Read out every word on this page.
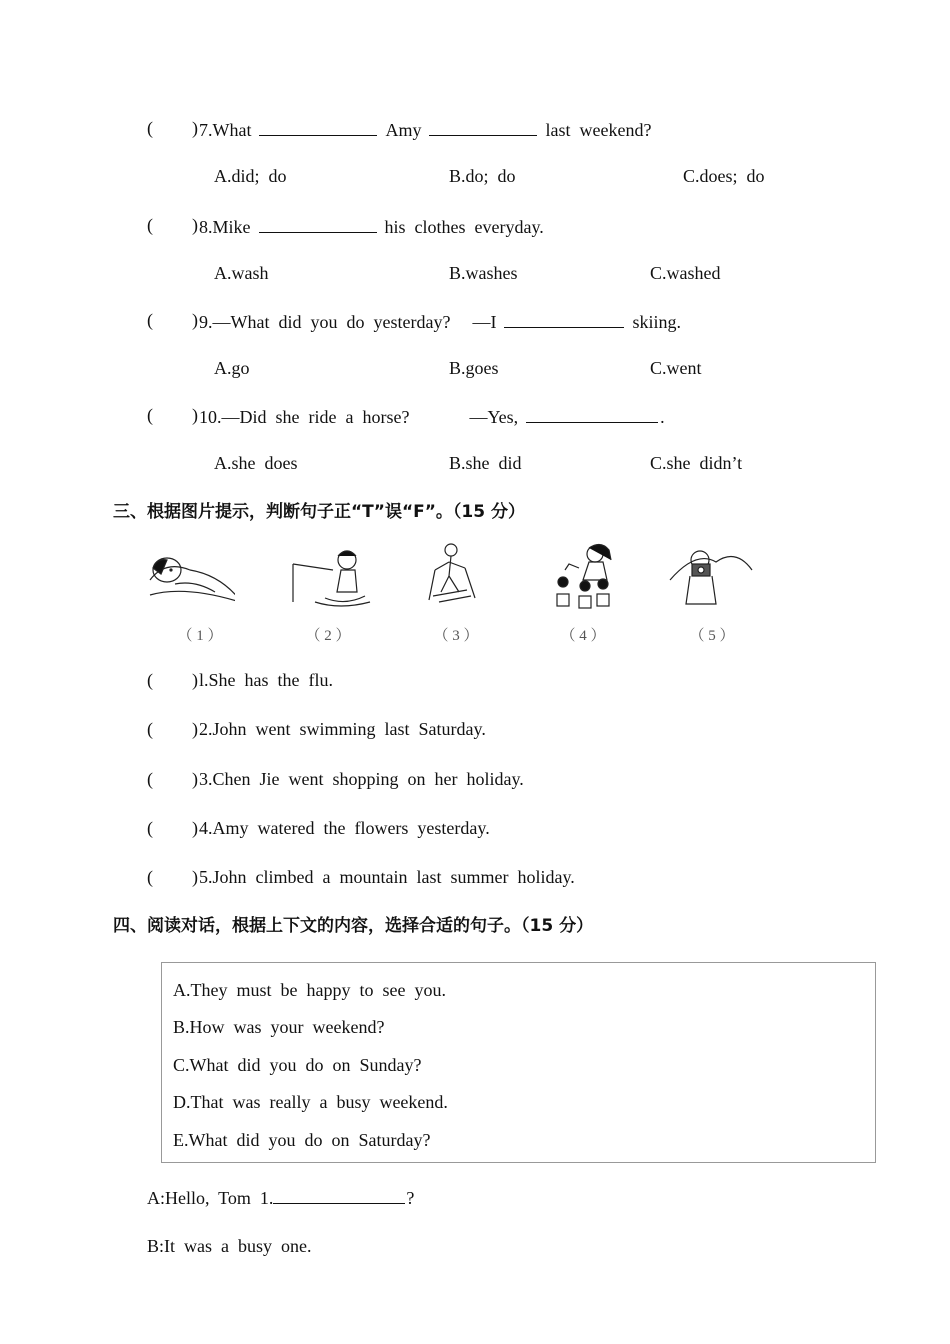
( ) 7.What	Amy	last  weekend?
A.did;  do	B.do;  do	C.does;  do
( ) 8.Mike	his  clothes  everyday.
A.wash	B.washes	C.washed
( ) 9.—What  did  you  do  yesterday? —I	skiing.
A.go	B.goes	C.went
( ) 10.—Did  she  ride  a  horse?	—Yes,	.
A.she  does	B.she  did	C.she  didn’t
三、根据图片提示，判断句子正“T”误“F”。（15 分）
（ 1 ）	（ 2 ）	（ 3 ）	（ 4 ）	（ 5 ）
( ) l.She  has  the  flu.
( ) 2.John  went  swimming  last  Saturday.
( ) 3.Chen  Jie  went  shopping  on  her  holiday.
( ) 4.Amy  watered  the  flowers  yesterday.
( ) 5.John  climbed  a  mountain  last  summer  holiday.
四、阅读对话，根据上下文的内容，选择合适的句子。（15 分）
A.They  must  be  happy  to  see  you.
B.How  was  your  weekend?
C.What  did  you  do  on  Sunday?
D.That  was  really  a  busy  weekend.
E.What  did  you  do  on  Saturday?
A:Hello,  Tom  1.	?
B:It  was  a  busy  one.
